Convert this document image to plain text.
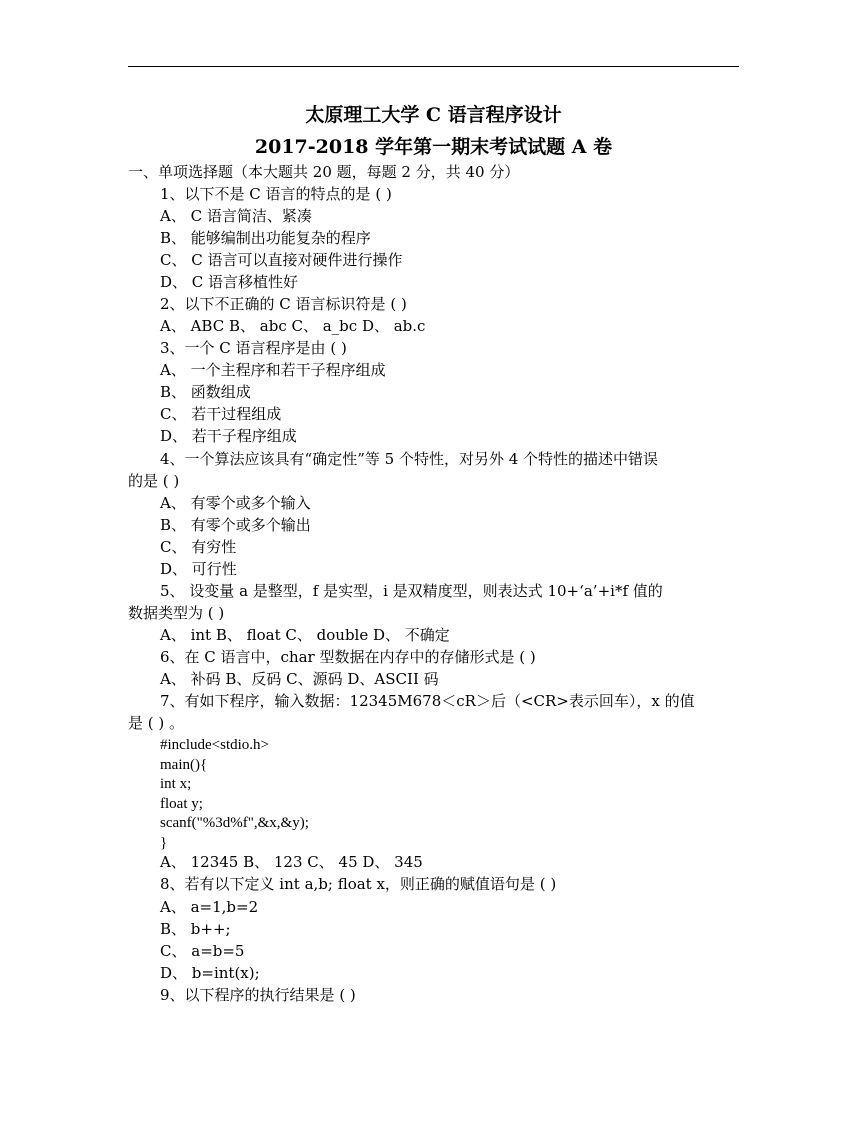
太原理工大学 C 语言程序设计
2017-2018 学年第一期末考试试题 A 卷
一、单项选择题（本大题共 20 题，每题 2 分，共 40 分）
1、以下不是 C 语言的特点的是 ( )
A、 C 语言简洁、紧凑
B、 能够编制出功能复杂的程序
C、 C 语言可以直接对硬件进行操作
D、 C 语言移植性好
2、以下不正确的 C 语言标识符是 ( )
A、 ABC B、 abc C、 a_bc D、 ab.c
3、一个 C 语言程序是由 ( )
A、 一个主程序和若干子程序组成
B、 函数组成
C、 若干过程组成
D、 若干子程序组成
4、一个算法应该具有“确定性”等 5 个特性，对另外 4 个特性的描述中错误
的是 ( )
A、 有零个或多个输入
B、 有零个或多个输出
C、 有穷性
D、 可行性
5、 设变量 a 是整型，f 是实型，i 是双精度型，则表达式 10+‘a’+i*f 值的
数据类型为 ( )
A、 int B、 float C、 double D、 不确定
6、在 C 语言中，char 型数据在内存中的存储形式是 ( )
A、 补码 B、反码 C、源码 D、ASCII 码
7、有如下程序，输入数据：12345M678＜cR＞后（<CR>表示回车），x 的值
是 ( ) 。
#include<stdio.h>
main(){
int x;
float y;
scanf("%3d%f",&x,&y);
}
A、 12345 B、 123 C、 45 D、 345
8、若有以下定义 int a,b; float x，则正确的赋值语句是 ( )
A、 a=1,b=2
B、 b++;
C、 a=b=5
D、 b=int(x);
9、以下程序的执行结果是 ( )
